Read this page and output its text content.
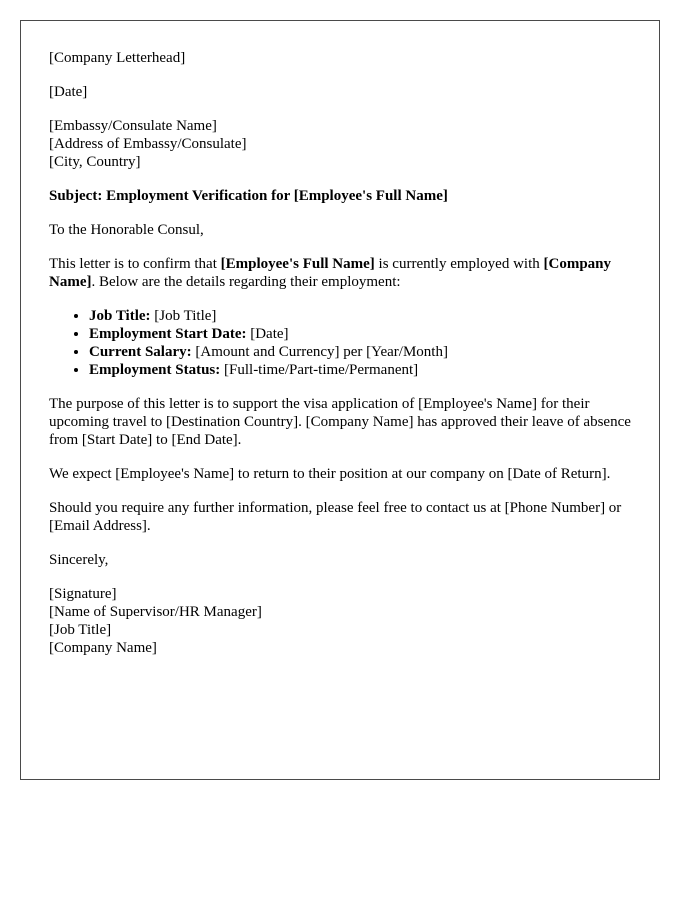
[Company Letterhead]

[Date]

[Embassy/Consulate Name]
[Address of Embassy/Consulate]
[City, Country]

Subject: Employment Verification for [Employee's Full Name]

To the Honorable Consul,

This letter is to confirm that [Employee's Full Name] is currently employed with [Company Name]. Below are the details regarding their employment:

• Job Title: [Job Title]
• Employment Start Date: [Date]
• Current Salary: [Amount and Currency] per [Year/Month]
• Employment Status: [Full-time/Part-time/Permanent]

The purpose of this letter is to support the visa application of [Employee's Name] for their upcoming travel to [Destination Country]. [Company Name] has approved their leave of absence from [Start Date] to [End Date].

We expect [Employee's Name] to return to their position at our company on [Date of Return].

Should you require any further information, please feel free to contact us at [Phone Number] or [Email Address].

Sincerely,

[Signature]
[Name of Supervisor/HR Manager]
[Job Title]
[Company Name]
